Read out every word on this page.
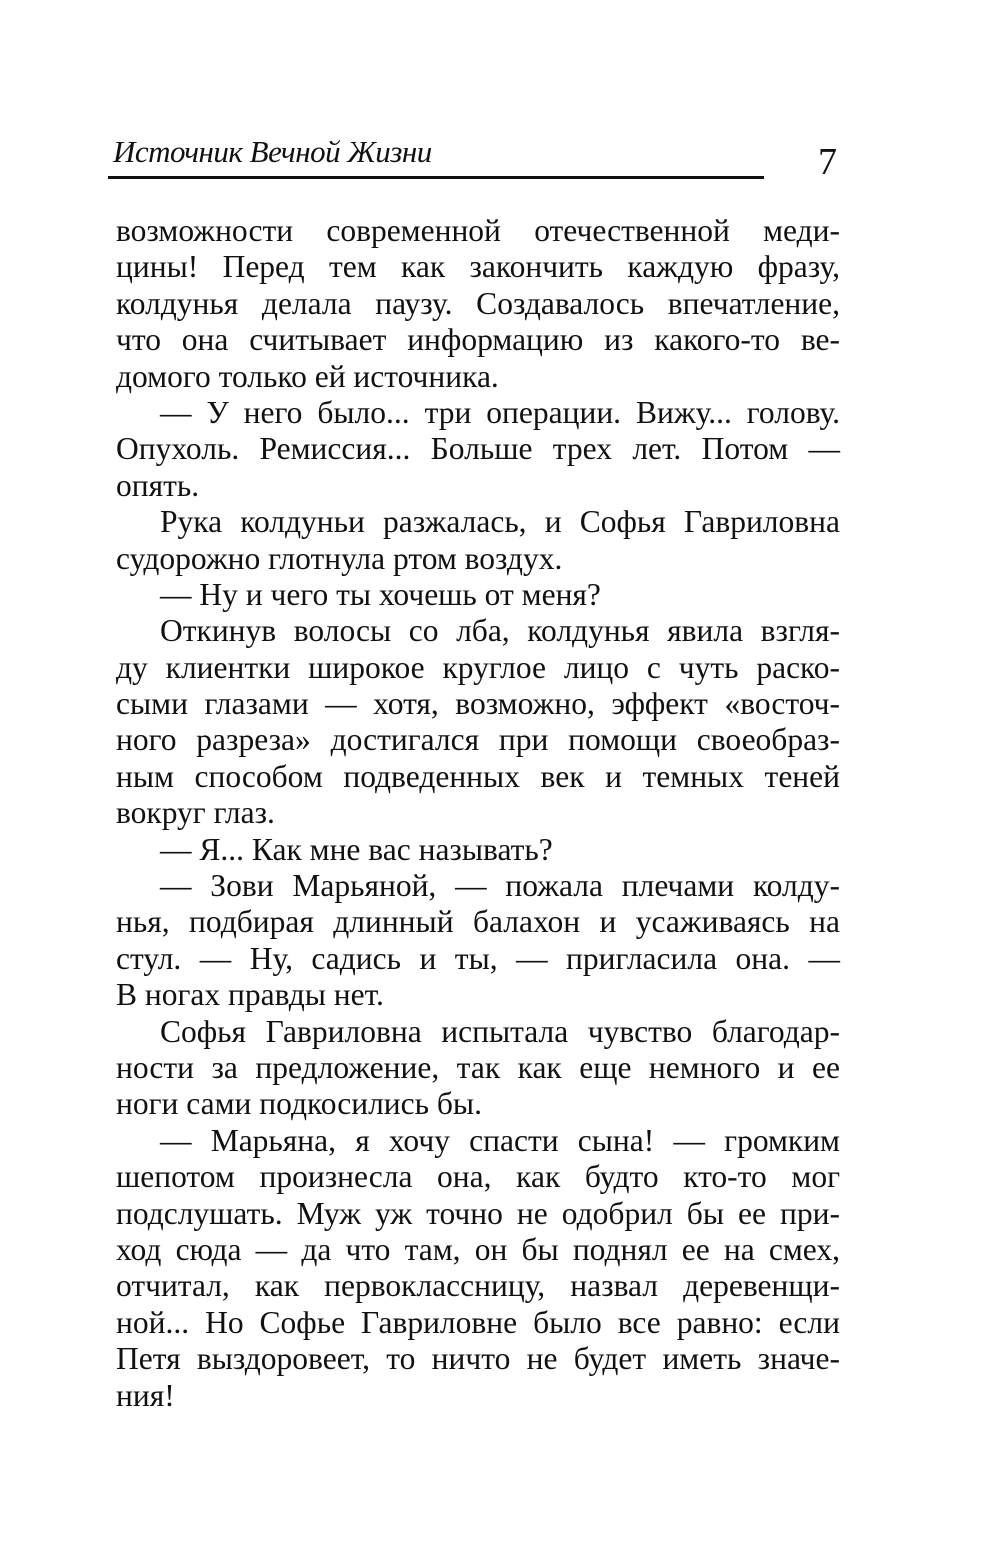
Источник Вечной Жизни	7
возможности современной отечественной меди-
цины! Перед тем как закончить каждую фразу,
колдунья делала паузу. Создавалось впечатление,
что она считывает информацию из какого-то ве-
домого только ей источника.
— У него было... три операции. Вижу... голову.
Опухоль. Ремиссия... Больше трех лет. Потом —
опять.
Рука колдуньи разжалась, и Софья Гавриловна
судорожно глотнула ртом воздух.
— Ну и чего ты хочешь от меня?
Откинув волосы со лба, колдунья явила взгля-
ду клиентки широкое круглое лицо с чуть раско-
сыми глазами — хотя, возможно, эффект «восточ-
ного разреза» достигался при помощи своеобраз-
ным способом подведенных век и темных теней
вокруг глаз.
— Я... Как мне вас называть?
— Зови Марьяной, — пожала плечами колду-
нья, подбирая длинный балахон и усаживаясь на
стул. — Ну, садись и ты, — пригласила она. —
В ногах правды нет.
Софья Гавриловна испытала чувство благодар-
ности за предложение, так как еще немного и ее
ноги сами подкосились бы.
— Марьяна, я хочу спасти сына! — громким
шепотом произнесла она, как будто кто-то мог
подслушать. Муж уж точно не одобрил бы ее при-
ход сюда — да что там, он бы поднял ее на смех,
отчитал, как первоклассницу, назвал деревенщи-
ной... Но Софье Гавриловне было все равно: если
Петя выздоровеет, то ничто не будет иметь значе-
ния!
